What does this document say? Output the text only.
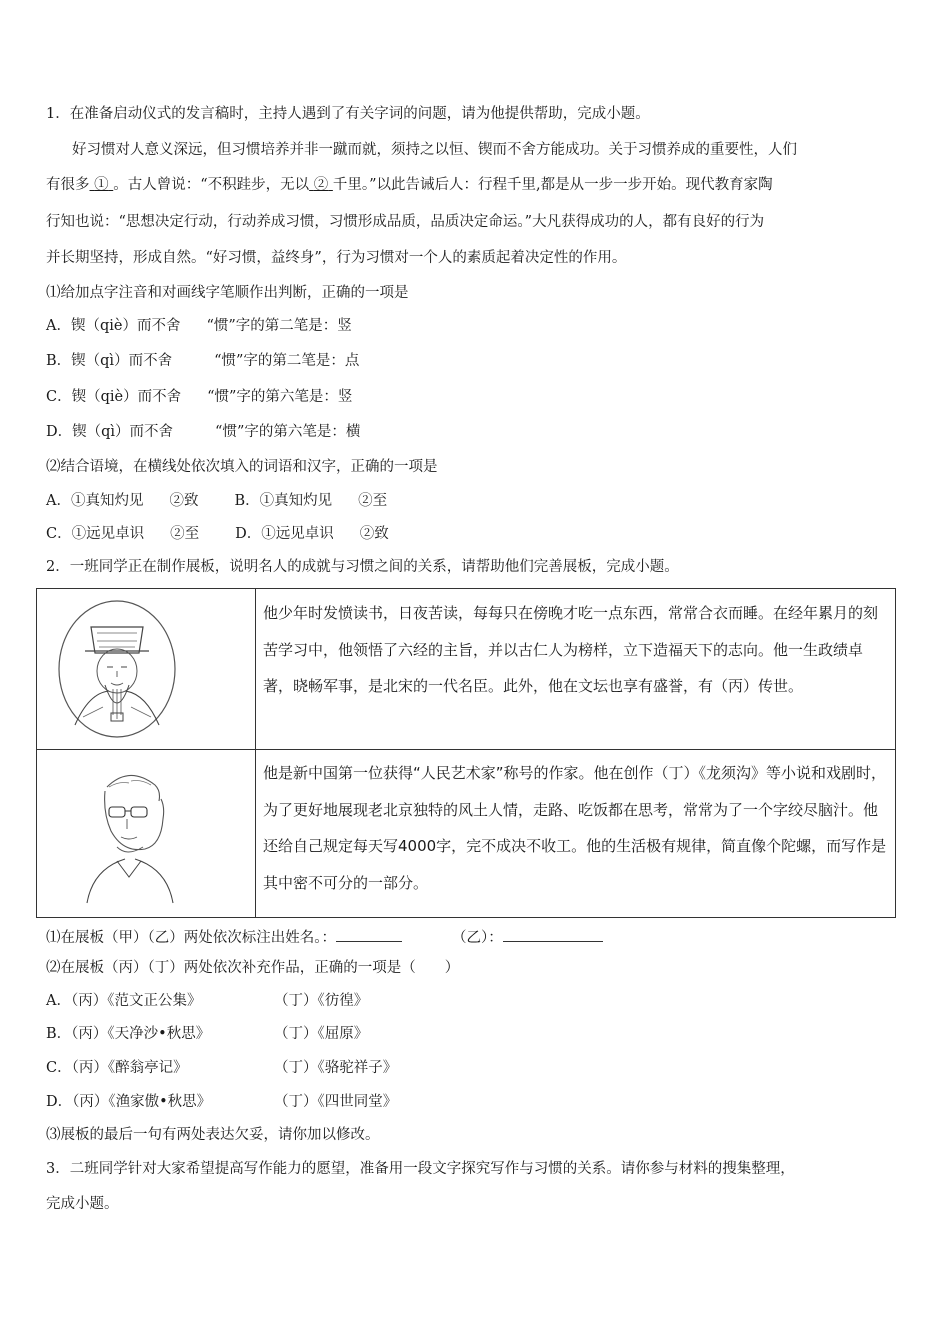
1．在准备启动仪式的发言稿时，主持人遇到了有关字词的问题，请为他提供帮助，完成小题。
好习惯对人意义深远，但习惯培养并非一蹴而就，须持之以恒、锲而不舍方能成功。关于习惯养成的重要性，人们
有很多 ① 。古人曾说：“不积跬步，无以 ② 千里。”以此告诫后人：行程千里,都是从一步一步开始。现代教育家陶
行知也说：“思想决定行动，行动养成习惯，习惯形成品质，品质决定命运。”大凡获得成功的人，都有良好的行为
并长期坚持，形成自然。“好习惯，益终身”，行为习惯对一个人的素质起着决定性的作用。
⑴给加点字注音和对画线字笔顺作出判断，正确的一项是
A．锲（qiè）而不舍 “惯”字的第二笔是：竖
B．锲（qì）而不舍	“惯”字的第二笔是：点
C．锲（qiè）而不舍 “惯”字的第六笔是：竖
D．锲（qì）而不舍	“惯”字的第六笔是：横
⑵结合语境，在横线处依次填入的词语和汉字，正确的一项是
A．①真知灼见 ②致 B．①真知灼见 ②至
C．①远见卓识 ②至 D．①远见卓识 ②致
2．一班同学正在制作展板，说明名人的成就与习惯之间的关系，请帮助他们完善展板，完成小题。
他少年时发愤读书，日夜苦读，每每只在傍晚才吃一点东西，常常合衣而睡。在经年累月的刻苦学习中，他领悟了六经的主旨，并以古仁人为榜样，立下造福天下的志向。他一生政绩卓著，晓畅军事，是北宋的一代名臣。此外，他在文坛也享有盛誉，有（丙）传世。
他是新中国第一位获得“人民艺术家”称号的作家。他在创作（丁）《龙须沟》等小说和戏剧时，为了更好地展现老北京独特的风土人情，走路、吃饭都在思考，常常为了一个字绞尽脑汁。他还给自己规定每天写4000字，完不成决不收工。他的生活极有规律，简直像个陀螺，而写作是其中密不可分的一部分。
⑴在展板（甲）（乙）两处依次标注出姓名。：	（乙）：
⑵在展板（丙）（丁）两处依次补充作品，正确的一项是（　　）
A．（丙）《范文正公集》	（丁）《彷徨》
B．（丙）《天净沙•秋思》	（丁）《屈原》
C．（丙）《醉翁亭记》	（丁）《骆驼祥子》
D．（丙）《渔家傲•秋思》	（丁）《四世同堂》
⑶展板的最后一句有两处表达欠妥，请你加以修改。
3．二班同学针对大家希望提高写作能力的愿望，准备用一段文字探究写作与习惯的关系。请你参与材料的搜集整理，
完成小题。
